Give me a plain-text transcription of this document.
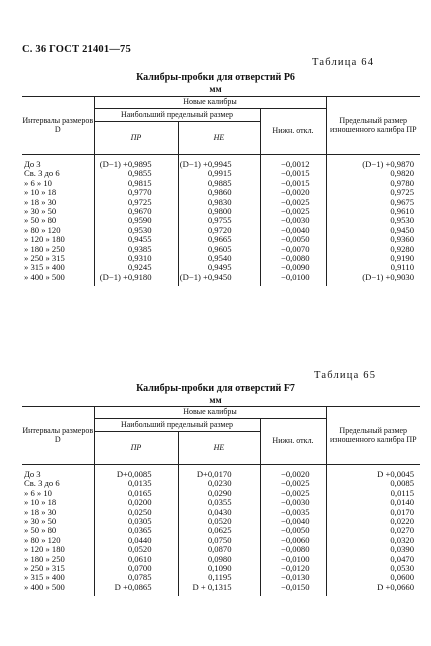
С. 36 ГОСТ 21401—75
Таблица 64
Калибры-пробки для отверстий Р6
мм
Интервалы размеров D	Новые калибры			Предельный размер изношенного калибра ПР
	Наибольший предельный размер		Нижн. откл.	
	ПР	НЕ		
До 3	(D−1) +0,9895	(D−1) +0,9945	−0,0012	(D−1) +0,9870
Св. 3 до 6	0,9855	0,9915	−0,0015	0,9820
» 6 » 10	0,9815	0,9885	−0,0015	0,9780
» 10 » 18	0,9770	0,9860	−0,0020	0,9725
» 18 » 30	0,9725	0,9830	−0,0025	0,9675
» 30 » 50	0,9670	0,9800	−0,0025	0,9610
» 50 » 80	0,9590	0,9755	−0,0030	0,9530
» 80 » 120	0,9530	0,9720	−0,0040	0,9450
» 120 » 180	0,9455	0,9665	−0,0050	0,9360
» 180 » 250	0,9385	0,9605	−0,0070	0,9280
» 250 » 315	0,9310	0,9540	−0,0080	0,9190
» 315 » 400	0,9245	0,9495	−0,0090	0,9110
» 400 » 500	(D−1) +0,9180	(D−1) +0,9450	−0,0100	(D−1) +0,9030
Таблица 65
Калибры-пробки для отверстий F7
мм
Интервалы размеров D	Новые калибры			Предельный размер изношенного калибра ПР
	Наибольший предельный размер		Нижн. откл.	
	ПР	НЕ		
До 3	D+0,0085	D+0,0170	−0,0020	D +0,0045
Св. 3 до 6	0,0135	0,0230	−0,0025	0,0085
» 6 » 10	0,0165	0,0290	−0,0025	0,0115
» 10 » 18	0,0200	0,0355	−0,0030	0,0140
» 18 » 30	0,0250	0,0430	−0,0035	0,0170
» 30 » 50	0,0305	0,0520	−0,0040	0,0220
» 50 » 80	0,0365	0,0625	−0,0050	0,0270
» 80 » 120	0,0440	0,0750	−0,0060	0,0320
» 120 » 180	0,0520	0,0870	−0,0080	0,0390
» 180 » 250	0,0610	0,0980	−0,0100	0,0470
» 250 » 315	0,0700	0,1090	−0,0120	0,0530
» 315 » 400	0,0785	0,1195	−0,0130	0,0600
» 400 » 500	D +0,0865	D + 0,1315	−0,0150	D +0,0660
